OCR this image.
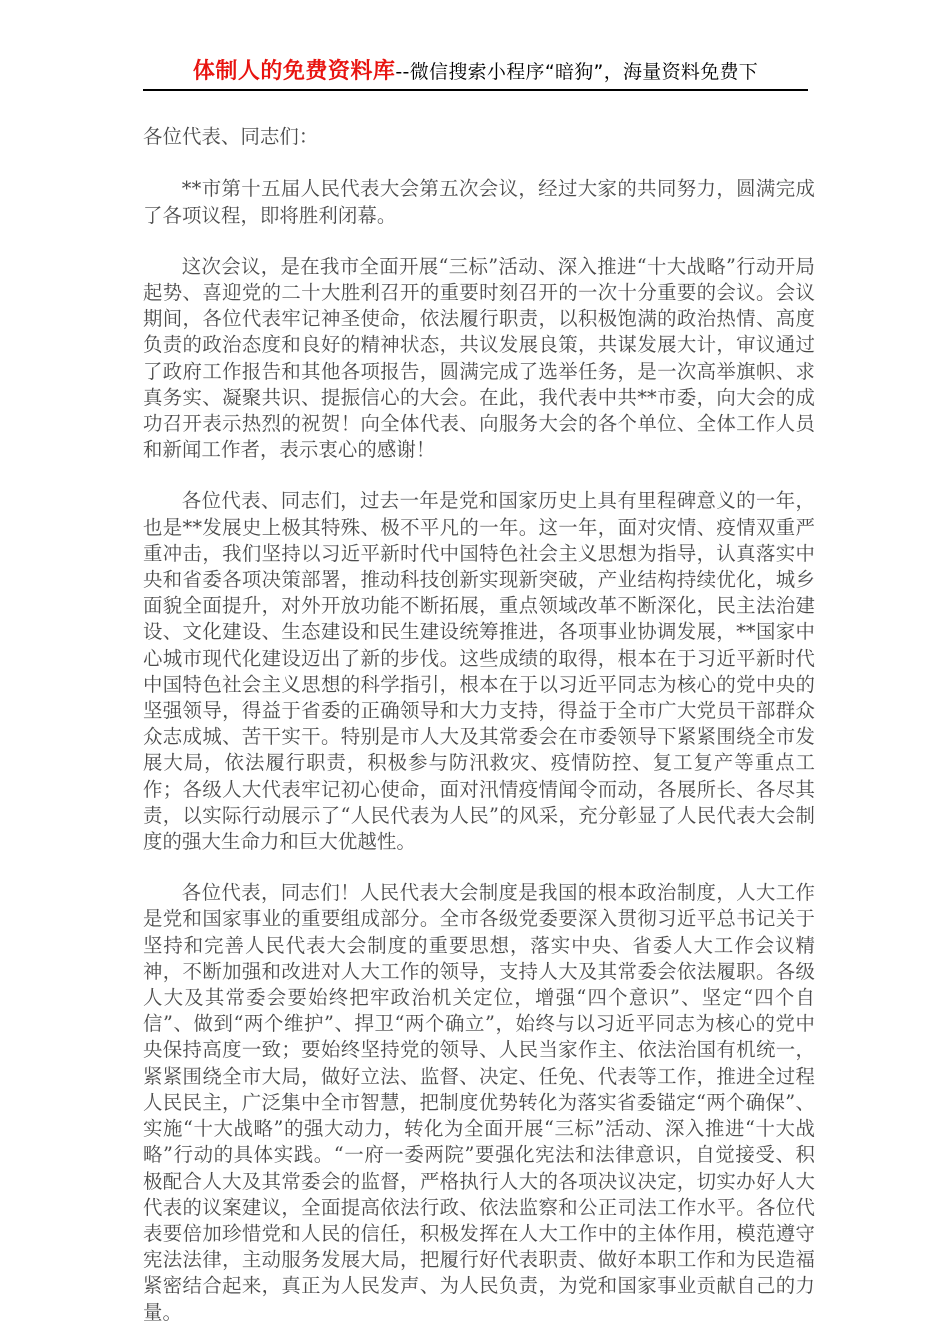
体制人的免费资料库--微信搜索小程序“暗狗”，海量资料免费下

各位代表、同志们：

**市第十五届人民代表大会第五次会议，经过大家的共同努力，圆满完成了各项议程，即将胜利闭幕。

这次会议，是在我市全面开展“三标”活动、深入推进“十大战略”行动开局起势、喜迎党的二十大胜利召开的重要时刻召开的一次十分重要的会议。会议期间，各位代表牢记神圣使命，依法履行职责，以积极饱满的政治热情、高度负责的政治态度和良好的精神状态，共议发展良策，共谋发展大计，审议通过了政府工作报告和其他各项报告，圆满完成了选举任务，是一次高举旗帜、求真务实、凝聚共识、提振信心的大会。在此，我代表中共**市委，向大会的成功召开表示热烈的祝贺！向全体代表、向服务大会的各个单位、全体工作人员和新闻工作者，表示衷心的感谢！

各位代表、同志们，过去一年是党和国家历史上具有里程碑意义的一年，也是**发展史上极其特殊、极不平凡的一年。这一年，面对灾情、疫情双重严重冲击，我们坚持以习近平新时代中国特色社会主义思想为指导，认真落实中央和省委各项决策部署，推动科技创新实现新突破，产业结构持续优化，城乡面貌全面提升，对外开放功能不断拓展，重点领域改革不断深化，民主法治建设、文化建设、生态建设和民生建设统筹推进，各项事业协调发展，**国家中心城市现代化建设迈出了新的步伐。这些成绩的取得，根本在于习近平新时代中国特色社会主义思想的科学指引，根本在于以习近平同志为核心的党中央的坚强领导，得益于省委的正确领导和大力支持，得益于全市广大党员干部群众众志成城、苦干实干。特别是市人大及其常委会在市委领导下紧紧围绕全市发展大局，依法履行职责，积极参与防汛救灾、疫情防控、复工复产等重点工作；各级人大代表牢记初心使命，面对汛情疫情闻令而动，各展所长、各尽其责，以实际行动展示了“人民代表为人民”的风采，充分彰显了人民代表大会制度的强大生命力和巨大优越性。

各位代表，同志们！人民代表大会制度是我国的根本政治制度，人大工作是党和国家事业的重要组成部分。全市各级党委要深入贯彻习近平总书记关于坚持和完善人民代表大会制度的重要思想，落实中央、省委人大工作会议精神，不断加强和改进对人大工作的领导，支持人大及其常委会依法履职。各级人大及其常委会要始终把牢政治机关定位，增强“四个意识”、坚定“四个自信”、做到“两个维护”、捍卫“两个确立”，始终与以习近平同志为核心的党中央保持高度一致；要始终坚持党的领导、人民当家作主、依法治国有机统一，紧紧围绕全市大局，做好立法、监督、决定、任免、代表等工作，推进全过程人民民主，广泛集中全市智慧，把制度优势转化为落实省委锚定“两个确保”、实施“十大战略”的强大动力，转化为全面开展“三标”活动、深入推进“十大战略”行动的具体实践。“一府一委两院”要强化宪法和法律意识，自觉接受、积极配合人大及其常委会的监督，严格执行人大的各项决议决定，切实办好人大代表的议案建议，全面提高依法行政、依法监察和公正司法工作水平。各位代表要倍加珍惜党和人民的信任，积极发挥在人大工作中的主体作用，模范遵守宪法法律，主动服务发展大局，把履行好代表职责、做好本职工作和为民造福紧密结合起来，真正为人民发声、为人民负责，为党和国家事业贡献自己的力量。
